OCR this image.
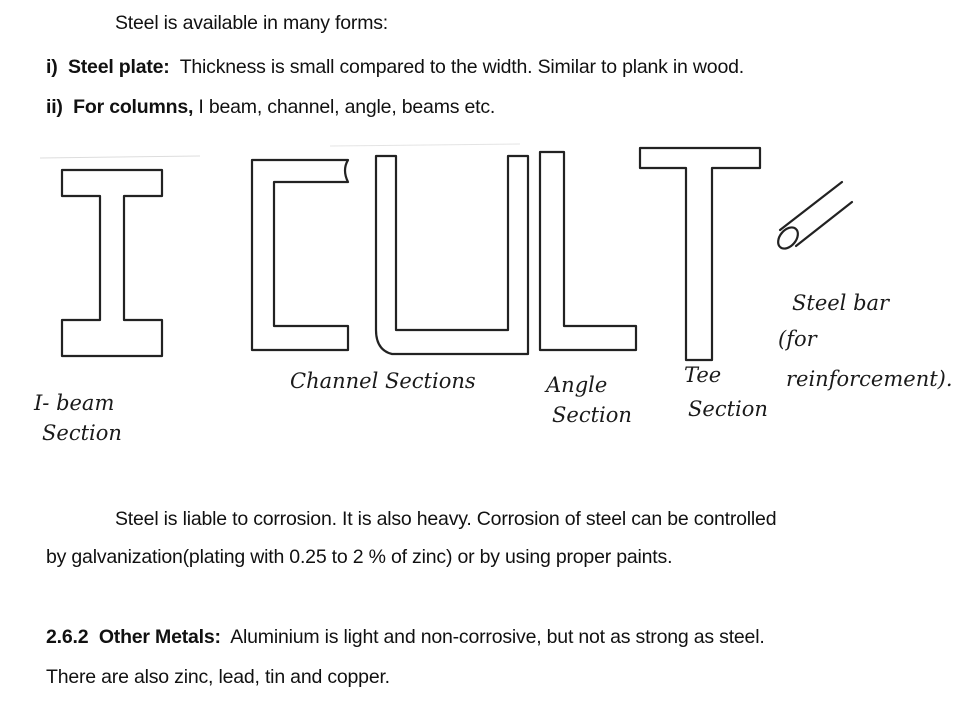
Steel is available in many forms:
i) Steel plate: Thickness is small compared to the width. Similar to plank in wood.
ii) For columns, I beam, channel, angle, beams etc.
I- beam
Section
Channel Sections	Angle
Section
Tee
Section
Steel bar
(for
reinforcement).
Steel is liable to corrosion. It is also heavy. Corrosion of steel can be controlled
by galvanization(plating with 0.25 to 2 % of zinc) or by using proper paints.
2.6.2 Other Metals: Aluminium is light and non-corrosive, but not as strong as steel.
There are also zinc, lead, tin and copper.
